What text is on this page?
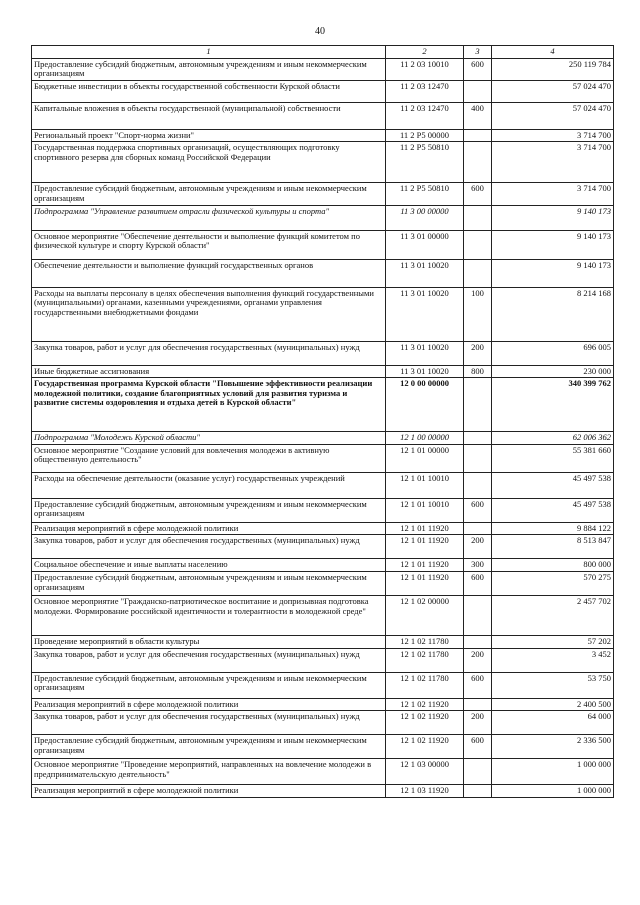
40
1	2	3	4
Предоставление субсидий бюджетным, автономным учреждениям и иным некоммерческим организациям	11 2 03 10010	600	250 119 784
Бюджетные инвестиции в объекты государственной собственности Курской области	11 2 03 12470		57 024 470
Капитальные вложения в объекты государственной (муниципальной) собственности	11 2 03 12470	400	57 024 470
Региональный проект "Спорт-норма жизни"	11 2 P5 00000		3 714 700
Государственная поддержка спортивных организаций, осуществляющих подготовку спортивного резерва для сборных команд Российской Федерации	11 2 P5 50810		3 714 700
Предоставление субсидий бюджетным, автономным учреждениям и иным некоммерческим организациям	11 2 P5 50810	600	3 714 700
Подпрограмма "Управление развитием отрасли физической культуры и спорта"	11 3 00 00000		9 140 173
Основное мероприятие "Обеспечение деятельности и выполнение функций комитетом по физической культуре и спорту Курской области"	11 3 01 00000		9 140 173
Обеспечение деятельности и выполнение функций государственных органов	11 3 01 10020		9 140 173
Расходы на выплаты персоналу в целях обеспечения выполнения функций государственными (муниципальными) органами, казенными учреждениями, органами управления государственными внебюджетными фондами	11 3 01 10020	100	8 214 168
Закупка товаров, работ и услуг для обеспечения государственных (муниципальных) нужд	11 3 01 10020	200	696 005
Иные бюджетные ассигнования	11 3 01 10020	800	230 000
Государственная программа Курской области "Повышение эффективности реализации молодежной политики, создание благоприятных условий для развития туризма и развитие системы оздоровления и отдыха детей в Курской области"	12 0 00 00000		340 399 762
Подпрограмма "Молодежь Курской области"	12 1 00 00000		62 006 362
Основное мероприятие "Создание условий для вовлечения молодежи в активную общественную деятельность"	12 1 01 00000		55 381 660
Расходы на обеспечение деятельности (оказание услуг) государственных учреждений	12 1 01 10010		45 497 538
Предоставление субсидий бюджетным, автономным учреждениям и иным некоммерческим организациям	12 1 01 10010	600	45 497 538
Реализация мероприятий в сфере молодежной политики	12 1 01 11920		9 884 122
Закупка товаров, работ и услуг для обеспечения государственных (муниципальных) нужд	12 1 01 11920	200	8 513 847
Социальное обеспечение и иные выплаты населению	12 1 01 11920	300	800 000
Предоставление субсидий бюджетным, автономным учреждениям и иным некоммерческим организациям	12 1 01 11920	600	570 275
Основное мероприятие "Гражданско-патриотическое воспитание и допризывная подготовка молодежи. Формирование российской идентичности и толерантности в молодежной среде"	12 1 02 00000		2 457 702
Проведение мероприятий в области культуры	12 1 02 11780		57 202
Закупка товаров, работ и услуг для обеспечения государственных (муниципальных) нужд	12 1 02 11780	200	3 452
Предоставление субсидий бюджетным, автономным учреждениям и иным некоммерческим организациям	12 1 02 11780	600	53 750
Реализация мероприятий в сфере молодежной политики	12 1 02 11920		2 400 500
Закупка товаров, работ и услуг для обеспечения государственных (муниципальных) нужд	12 1 02 11920	200	64 000
Предоставление субсидий бюджетным, автономным учреждениям и иным некоммерческим организациям	12 1 02 11920	600	2 336 500
Основное мероприятие "Проведение мероприятий, направленных на вовлечение молодежи в предпринимательскую деятельность"	12 1 03 00000		1 000 000
Реализация мероприятий в сфере молодежной политики	12 1 03 11920		1 000 000
